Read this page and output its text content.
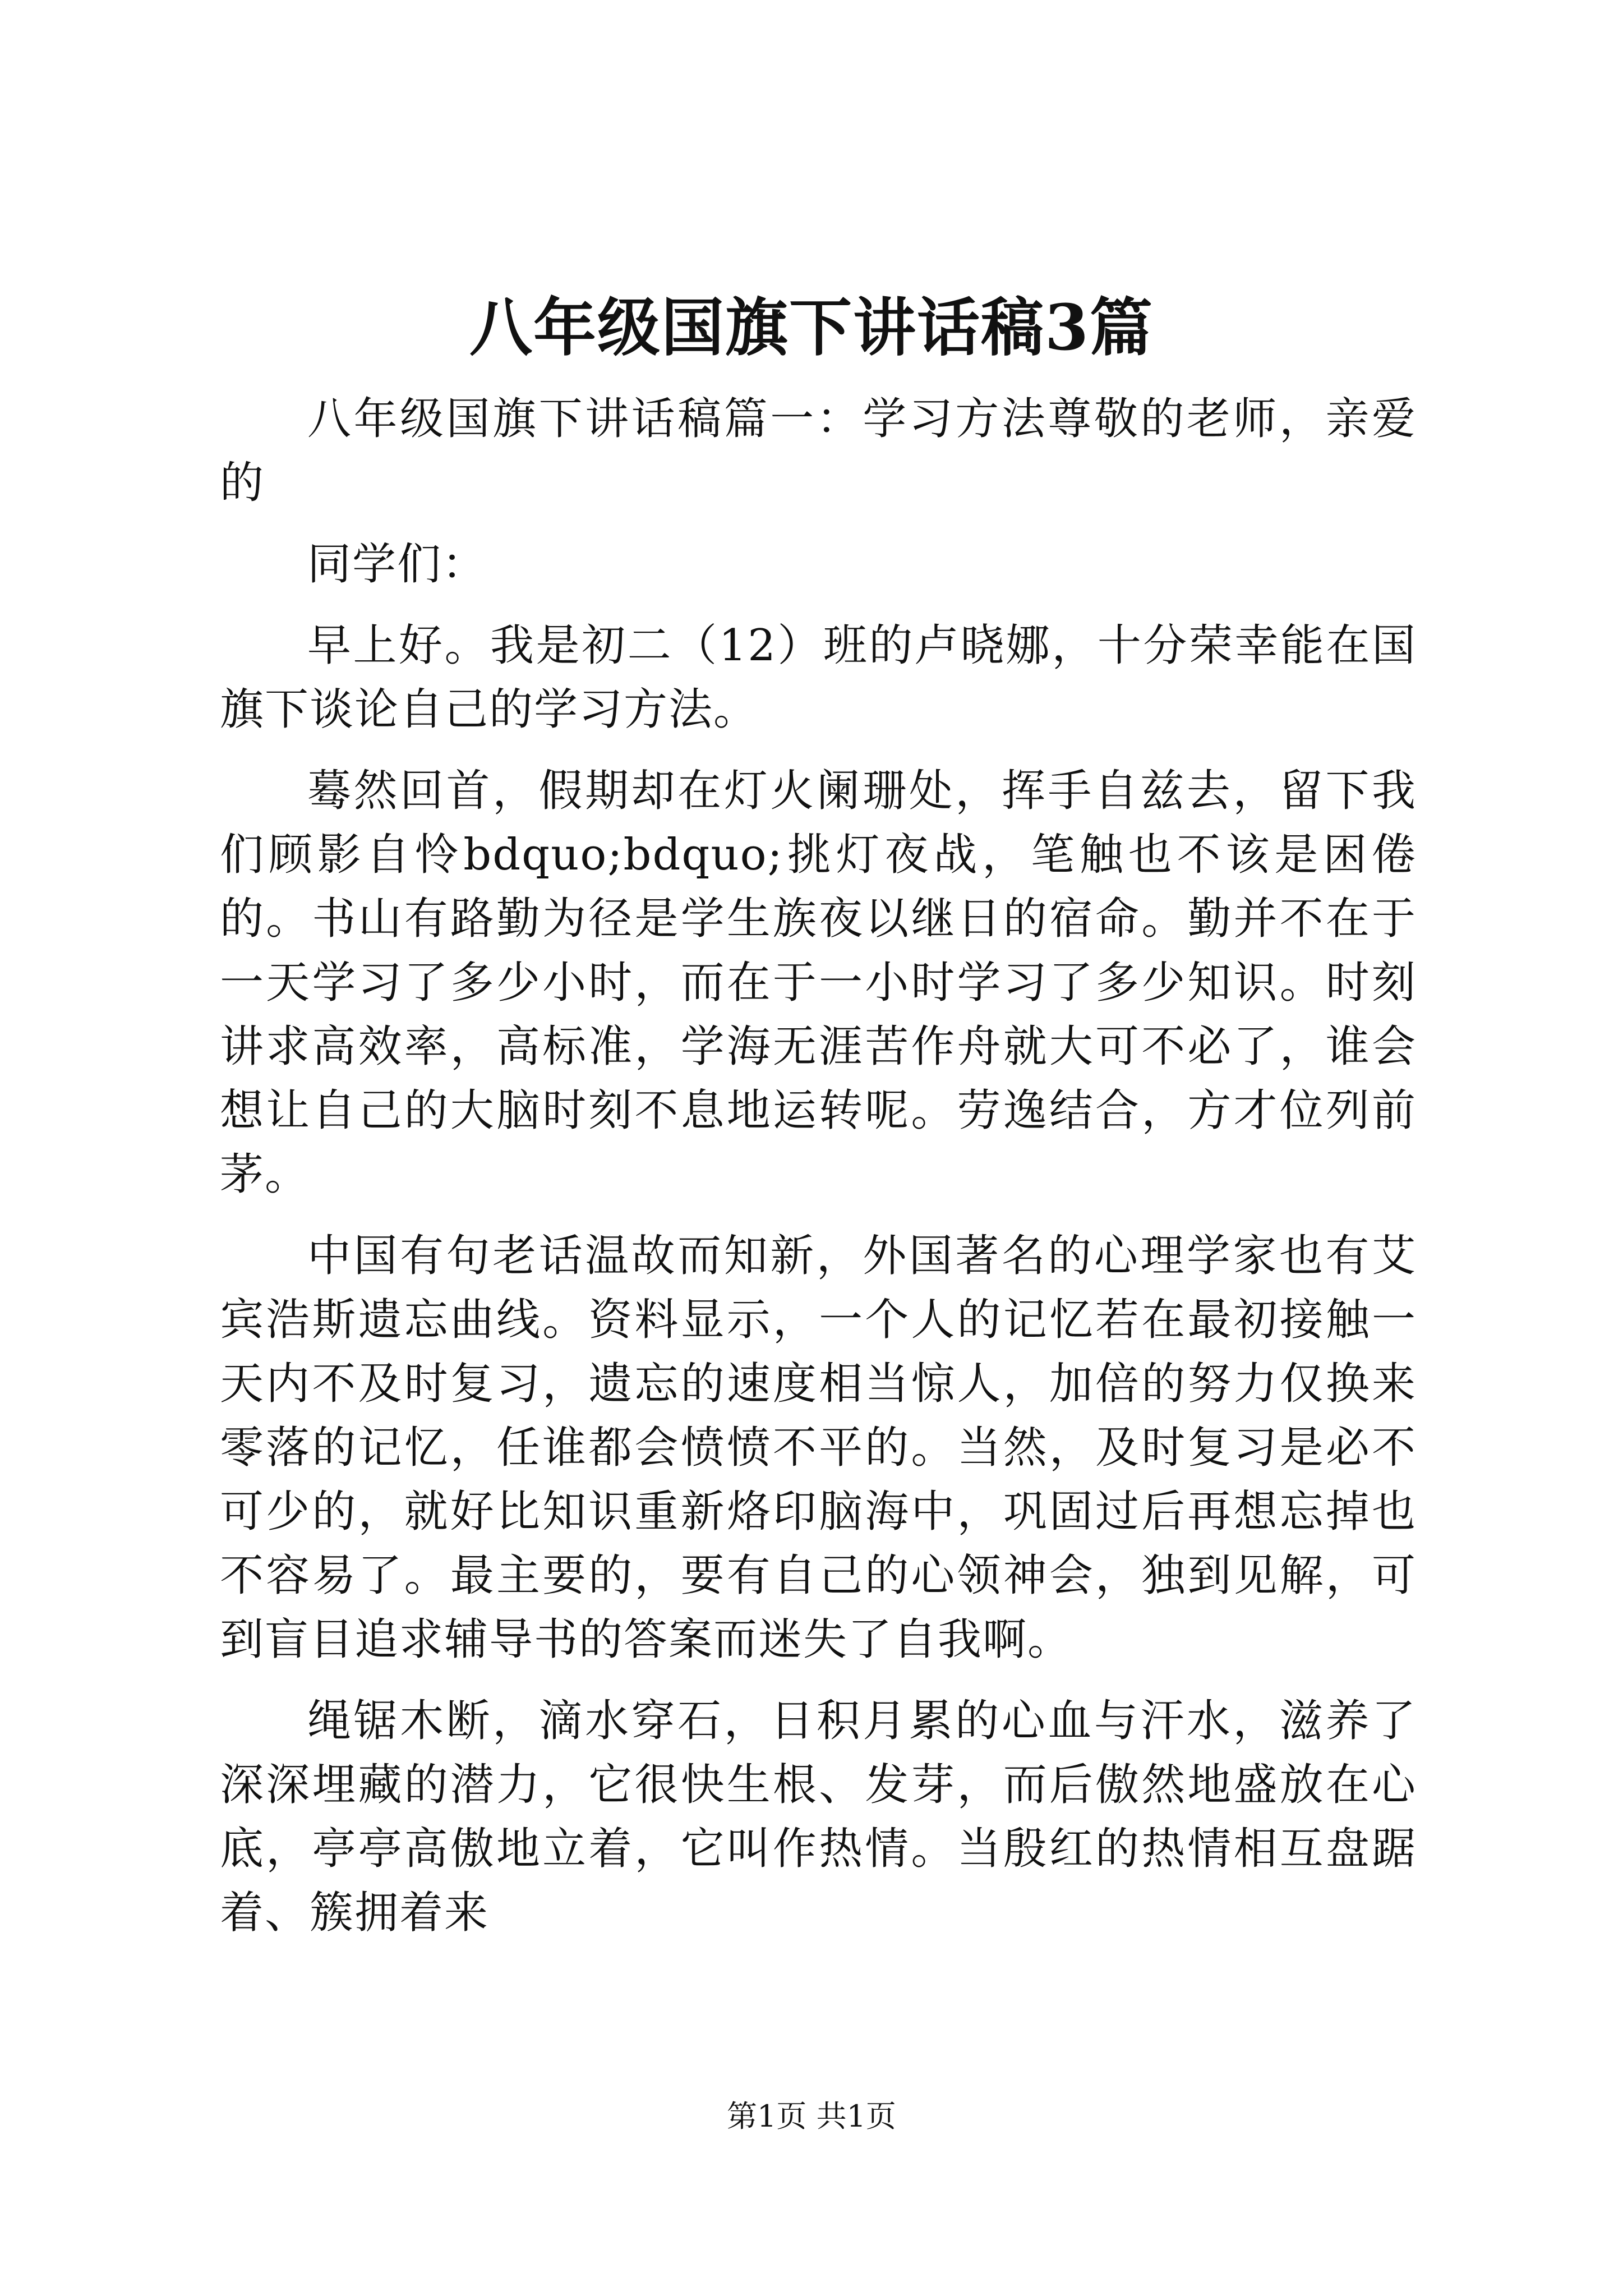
八年级国旗下讲话稿3篇

八年级国旗下讲话稿篇一：学习方法尊敬的老师，亲爱的

同学们：

早上好。我是初二（12）班的卢晓娜，十分荣幸能在国旗下谈论自己的学习方法。

蓦然回首，假期却在灯火阑珊处，挥手自兹去，留下我们顾影自怜bdquo;bdquo;挑灯夜战，笔触也不该是困倦的。书山有路勤为径是学生族夜以继日的宿命。勤并不在于一天学习了多少小时，而在于一小时学习了多少知识。时刻讲求高效率，高标准，学海无涯苦作舟就大可不必了，谁会想让自己的大脑时刻不息地运转呢。劳逸结合，方才位列前茅。

中国有句老话温故而知新，外国著名的心理学家也有艾宾浩斯遗忘曲线。资料显示，一个人的记忆若在最初接触一天内不及时复习，遗忘的速度相当惊人，加倍的努力仅换来零落的记忆，任谁都会愤愤不平的。当然，及时复习是必不可少的，就好比知识重新烙印脑海中，巩固过后再想忘掉也不容易了。最主要的，要有自己的心领神会，独到见解，可到盲目追求辅导书的答案而迷失了自我啊。

绳锯木断，滴水穿石，日积月累的心血与汗水，滋养了深深埋藏的潜力，它很快生根、发芽，而后傲然地盛放在心底，亭亭高傲地立着，它叫作热情。当殷红的热情相互盘踞着、簇拥着来

第1页 共1页
